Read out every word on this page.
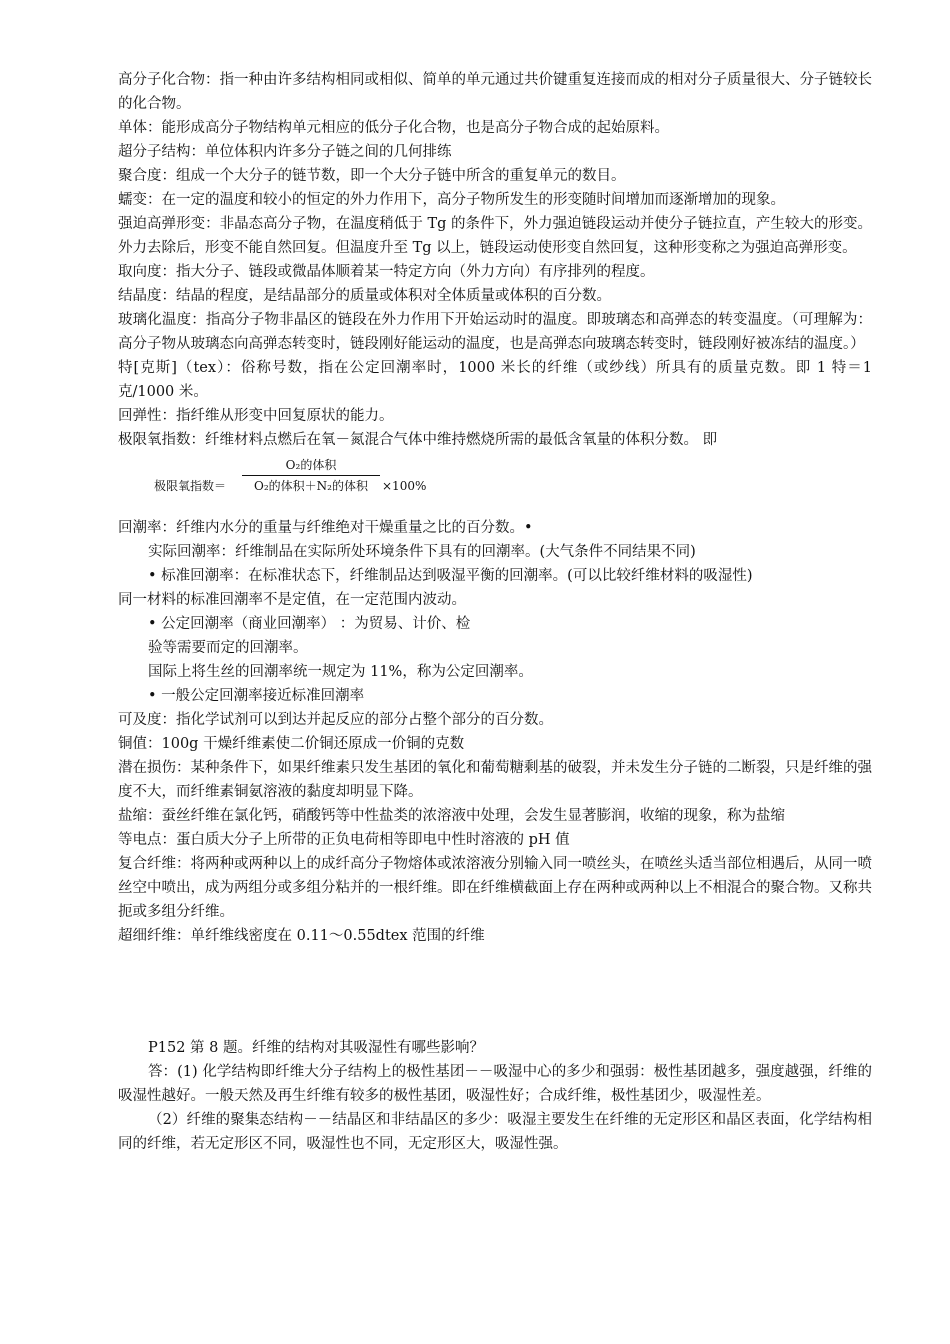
高分子化合物：指一种由许多结构相同或相似、简单的单元通过共价键重复连接而成的相对分子质量很大、分子链较长的化合物。

单体：能形成高分子物结构单元相应的低分子化合物，也是高分子物合成的起始原料。

超分子结构：单位体积内许多分子链之间的几何排练

聚合度：组成一个大分子的链节数，即一个大分子链中所含的重复单元的数目。

蠕变：在一定的温度和较小的恒定的外力作用下，高分子物所发生的形变随时间增加而逐渐增加的现象。

强迫高弹形变：非晶态高分子物，在温度稍低于 Tg 的条件下，外力强迫链段运动并使分子链拉直，产生较大的形变。外力去除后，形变不能自然回复。但温度升至 Tg 以上，链段运动使形变自然回复，这种形变称之为强迫高弹形变。

取向度：指大分子、链段或微晶体顺着某一特定方向（外力方向）有序排列的程度。

结晶度：结晶的程度，是结晶部分的质量或体积对全体质量或体积的百分数。

玻璃化温度：指高分子物非晶区的链段在外力作用下开始运动时的温度。即玻璃态和高弹态的转变温度。（可理解为：高分子物从玻璃态向高弹态转变时，链段刚好能运动的温度，也是高弹态向玻璃态转变时，链段刚好被冻结的温度。）

特[克斯]（tex）：俗称号数，指在公定回潮率时，1000 米长的纤维（或纱线）所具有的质量克数。即 1 特＝1 克/1000 米。

回弹性：指纤维从形变中回复原状的能力。

极限氧指数：纤维材料点燃后在氧－氮混合气体中维持燃烧所需的最低含氧量的体积分数。 即

极限氧指数＝
O₂的体积
O₂的体积＋N₂的体积	×100%

回潮率：纤维内水分的重量与纤维绝对干燥重量之比的百分数。•

实际回潮率：纤维制品在实际所处环境条件下具有的回潮率。(大气条件不同结果不同)

• 标准回潮率：在标准状态下，纤维制品达到吸湿平衡的回潮率。(可以比较纤维材料的吸湿性)

同一材料的标准回潮率不是定值，在一定范围内波动。

• 公定回潮率（商业回潮率） ：为贸易、计价、检

验等需要而定的回潮率。

国际上将生丝的回潮率统一规定为 11%，称为公定回潮率。

• 一般公定回潮率接近标准回潮率

可及度：指化学试剂可以到达并起反应的部分占整个部分的百分数。

铜值：100g 干燥纤维素使二价铜还原成一价铜的克数

潜在损伤：某种条件下，如果纤维素只发生基团的氧化和葡萄糖剩基的破裂，并未发生分子链的二断裂，只是纤维的强度不大，而纤维素铜氨溶液的黏度却明显下降。

盐缩：蚕丝纤维在氯化钙，硝酸钙等中性盐类的浓溶液中处理，会发生显著膨润，收缩的现象，称为盐缩

等电点：蛋白质大分子上所带的正负电荷相等即电中性时溶液的 pH 值

复合纤维：将两种或两种以上的成纤高分子物熔体或浓溶液分别输入同一喷丝头，在喷丝头适当部位相遇后，从同一喷丝空中喷出，成为两组分或多组分粘并的一根纤维。即在纤维横截面上存在两种或两种以上不相混合的聚合物。又称共扼或多组分纤维。

超细纤维：单纤维线密度在 0.11～0.55dtex 范围的纤维

P152 第 8 题。纤维的结构对其吸湿性有哪些影响？

答：(1) 化学结构即纤维大分子结构上的极性基团－－吸湿中心的多少和强弱：极性基团越多，强度越强，纤维的吸湿性越好。一般天然及再生纤维有较多的极性基团，吸湿性好；合成纤维，极性基团少，吸湿性差。

（2）纤维的聚集态结构－－结晶区和非结晶区的多少：吸湿主要发生在纤维的无定形区和晶区表面，化学结构相同的纤维，若无定形区不同，吸湿性也不同，无定形区大，吸湿性强。
